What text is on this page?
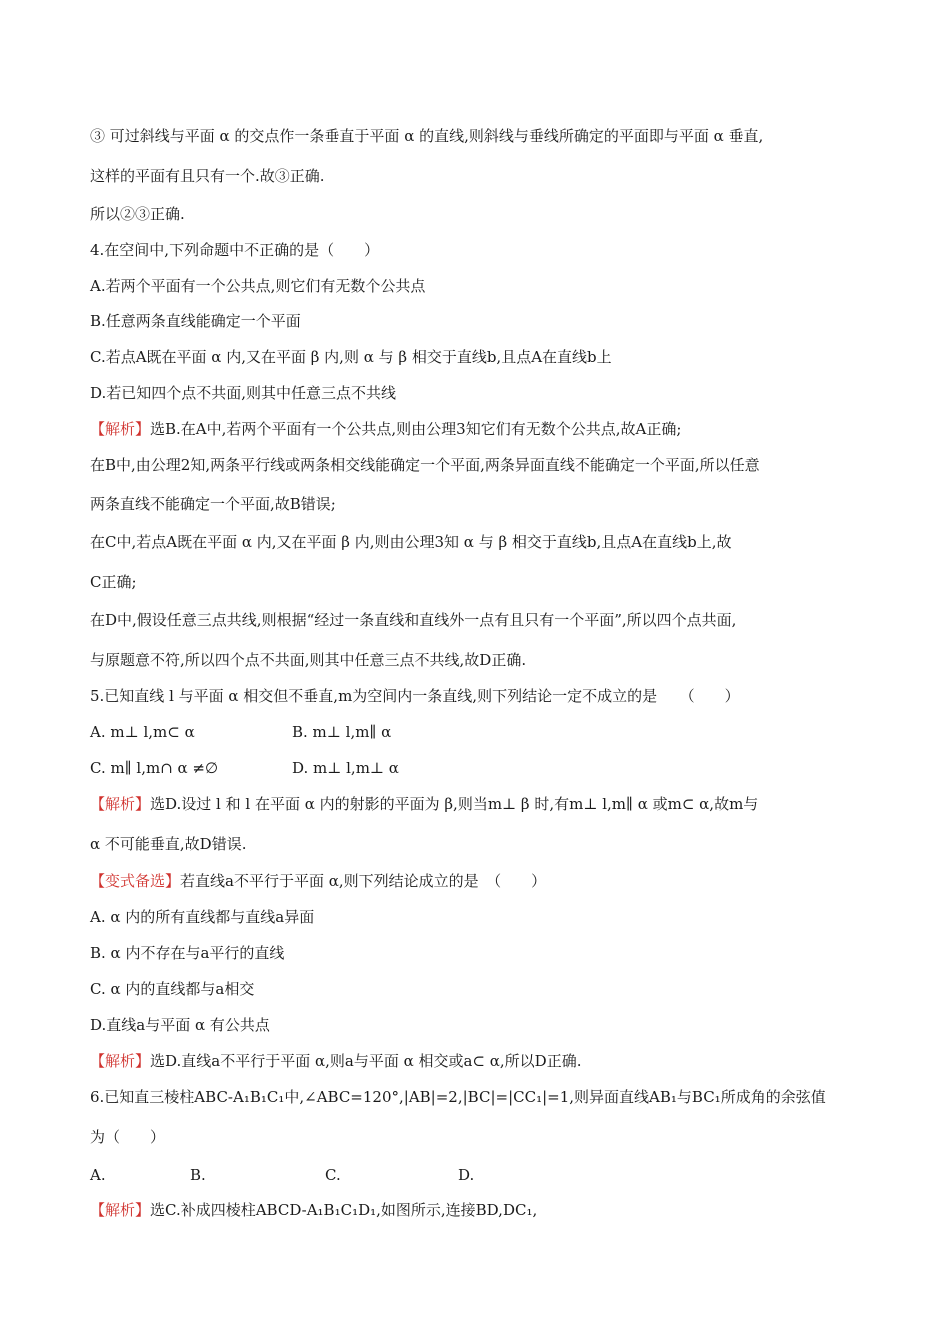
③ 可过斜线与平面 α 的交点作一条垂直于平面 α 的直线,则斜线与垂线所确定的平面即与平面 α 垂直,
这样的平面有且只有一个.故③正确.
所以②③正确.
4.在空间中,下列命题中不正确的是（　　）
A.若两个平面有一个公共点,则它们有无数个公共点
B.任意两条直线能确定一个平面
C.若点A既在平面 α 内,又在平面 β 内,则 α 与 β 相交于直线b,且点A在直线b上
D.若已知四个点不共面,则其中任意三点不共线
【解析】选B.在A中,若两个平面有一个公共点,则由公理3知它们有无数个公共点,故A正确;
在B中,由公理2知,两条平行线或两条相交线能确定一个平面,两条异面直线不能确定一个平面,所以任意
两条直线不能确定一个平面,故B错误;
在C中,若点A既在平面 α 内,又在平面 β 内,则由公理3知 α 与 β 相交于直线b,且点A在直线b上,故
C正确;
在D中,假设任意三点共线,则根据“经过一条直线和直线外一点有且只有一个平面”,所以四个点共面,
与原题意不符,所以四个点不共面,则其中任意三点不共线,故D正确.
5.已知直线 l 与平面 α 相交但不垂直,m为空间内一条直线,则下列结论一定不成立的是　　（　　）
A. m⊥ l,m⊂ α	B. m⊥ l,m∥ α
C. m∥ l,m∩ α ≠∅	D. m⊥ l,m⊥ α
【解析】选D.设过 l 和 l 在平面 α 内的射影的平面为 β,则当m⊥ β 时,有m⊥ l,m∥ α 或m⊂ α,故m与
α 不可能垂直,故D错误.
【变式备选】若直线a不平行于平面 α,则下列结论成立的是　（　　）
A. α 内的所有直线都与直线a异面
B. α 内不存在与a平行的直线
C. α 内的直线都与a相交
D.直线a与平面 α 有公共点
【解析】选D.直线a不平行于平面 α,则a与平面 α 相交或a⊂ α,所以D正确.
6.已知直三棱柱ABC-A₁B₁C₁中,∠ABC=120°,|AB|=2,|BC|=|CC₁|=1,则异面直线AB₁与BC₁所成角的余弦值
为（　　）
A.	B.	C.	D.
【解析】选C.补成四棱柱ABCD-A₁B₁C₁D₁,如图所示,连接BD,DC₁,
